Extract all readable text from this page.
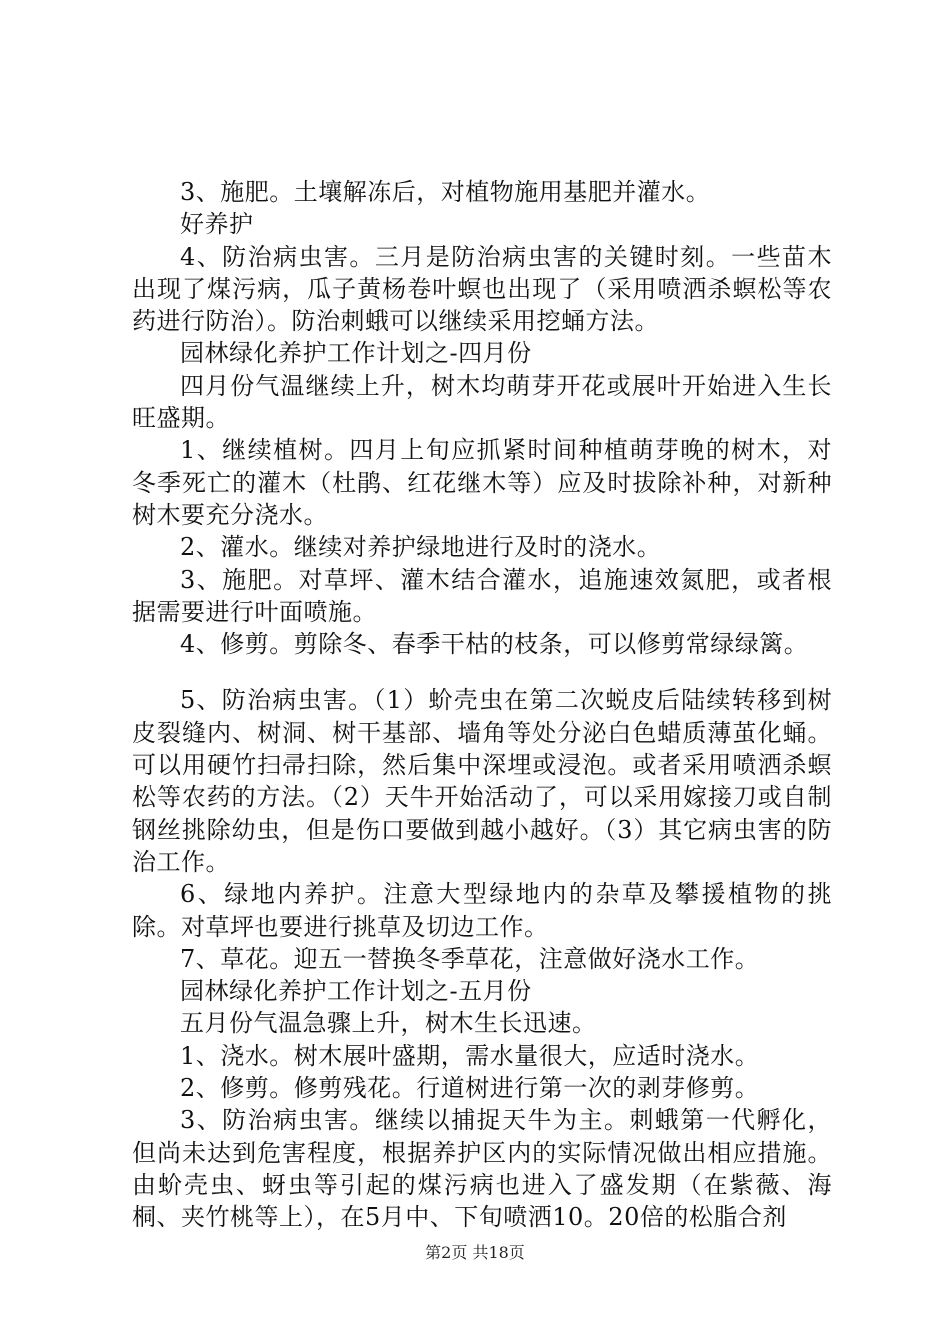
3、施肥。土壤解冻后，对植物施用基肥并灌水。

好养护

4、防治病虫害。三月是防治病虫害的关键时刻。一些苗木出现了煤污病，瓜子黄杨卷叶螟也出现了（采用喷洒杀螟松等农药进行防治）。防治刺蛾可以继续采用挖蛹方法。

园林绿化养护工作计划之-四月份

四月份气温继续上升，树木均萌芽开花或展叶开始进入生长旺盛期。

1、继续植树。四月上旬应抓紧时间种植萌芽晚的树木，对冬季死亡的灌木（杜鹃、红花继木等）应及时拔除补种，对新种树木要充分浇水。

2、灌水。继续对养护绿地进行及时的浇水。

3、施肥。对草坪、灌木结合灌水，追施速效氮肥，或者根据需要进行叶面喷施。

4、修剪。剪除冬、春季干枯的枝条，可以修剪常绿绿篱。

5、防治病虫害。（1）蚧壳虫在第二次蜕皮后陆续转移到树皮裂缝内、树洞、树干基部、墙角等处分泌白色蜡质薄茧化蛹。可以用硬竹扫帚扫除，然后集中深埋或浸泡。或者采用喷洒杀螟松等农药的方法。（2）天牛开始活动了，可以采用嫁接刀或自制钢丝挑除幼虫，但是伤口要做到越小越好。（3）其它病虫害的防治工作。

6、绿地内养护。注意大型绿地内的杂草及攀援植物的挑除。对草坪也要进行挑草及切边工作。

7、草花。迎五一替换冬季草花，注意做好浇水工作。

园林绿化养护工作计划之-五月份

五月份气温急骤上升，树木生长迅速。

1、浇水。树木展叶盛期，需水量很大，应适时浇水。

2、修剪。修剪残花。行道树进行第一次的剥芽修剪。

3、防治病虫害。继续以捕捉天牛为主。刺蛾第一代孵化，但尚未达到危害程度，根据养护区内的实际情况做出相应措施。由蚧壳虫、蚜虫等引起的煤污病也进入了盛发期（在紫薇、海桐、夹竹桃等上），在5月中、下旬喷洒10。20倍的松脂合剂

第2页 共18页
